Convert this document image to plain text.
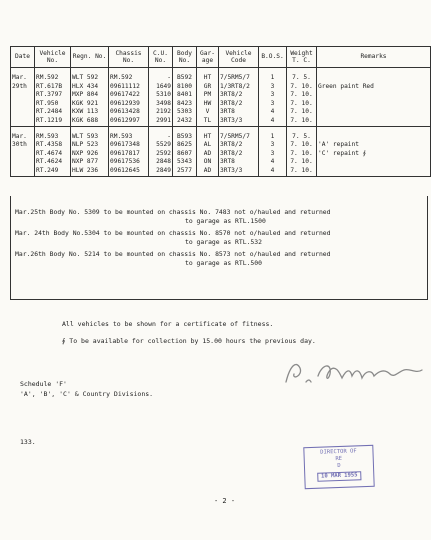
Date	Vehicle No.	Regn. No.	Chassis No.	C.U. No.	Body No.	Gar-age	Vehicle Code	B.O.S.	Weight T. C.	Remarks
Mar.	RM.592	WLT 592	RM.592	-	B592	HT	7/5RM5/7	1	7. 5.	
29th	RT.617B	HLX 434	09611112	1649	8100	GR	1/3RT8/2	3	7. 10.	Green paint Red
	RT.3797	MXP 804	09617422	5310	8401	PM	3RT8/2	3	7. 10.	
	RT.950	KGK 921	09612939	3498	8423	HW	3RT8/2	3	7. 10.	
	RT.2484	KXW 113	09613428	2192	5303	V	3RT8	4	7. 10.	
	RT.1219	KGK 688	09612997	2991	2432	TL	3RT3/3	4	7. 10.	
Mar.	RM.593	WLT 593	RM.593	-	B593	HT	7/5RM5/7	1	7. 5.	
30th	RT.4358	NLP 523	09617348	5529	8625	AL	3RT8/2	3	7. 10.	'A' repaint
	RT.4674	NXP 926	09617817	2592	8607	AD	3RT8/2	3	7. 10.	'C' repaint ∮
	RT.4624	NXP 877	09617536	2848	5343	ON	3RT8	4	7. 10.	
	RT.249	HLW 236	09612645	2849	2577	AD	3RT3/3	4	7. 10.	
Mar.25th Body No. 5309 to be mounted on chassis No. 7483 not o/hauled and returned
to garage as RTL.1500
Mar. 24th Body No.5304 to be mounted on chassis No. 8570 not o/hauled and returned
to garage as RTL.532
Mar.26th Body No. 5214 to be mounted on chassis No. 8573 not o/hauled and returned
to garage as RTL.500
All vehicles to be shown for a certificate of fitness.
∮ To be available for collection by 15.00 hours the previous day.
Schedule 'F'
'A', 'B', 'C' & Country Divisions.
133.
DIRECTOR OF
RE
D
10 MAR 1955
- 2 -
